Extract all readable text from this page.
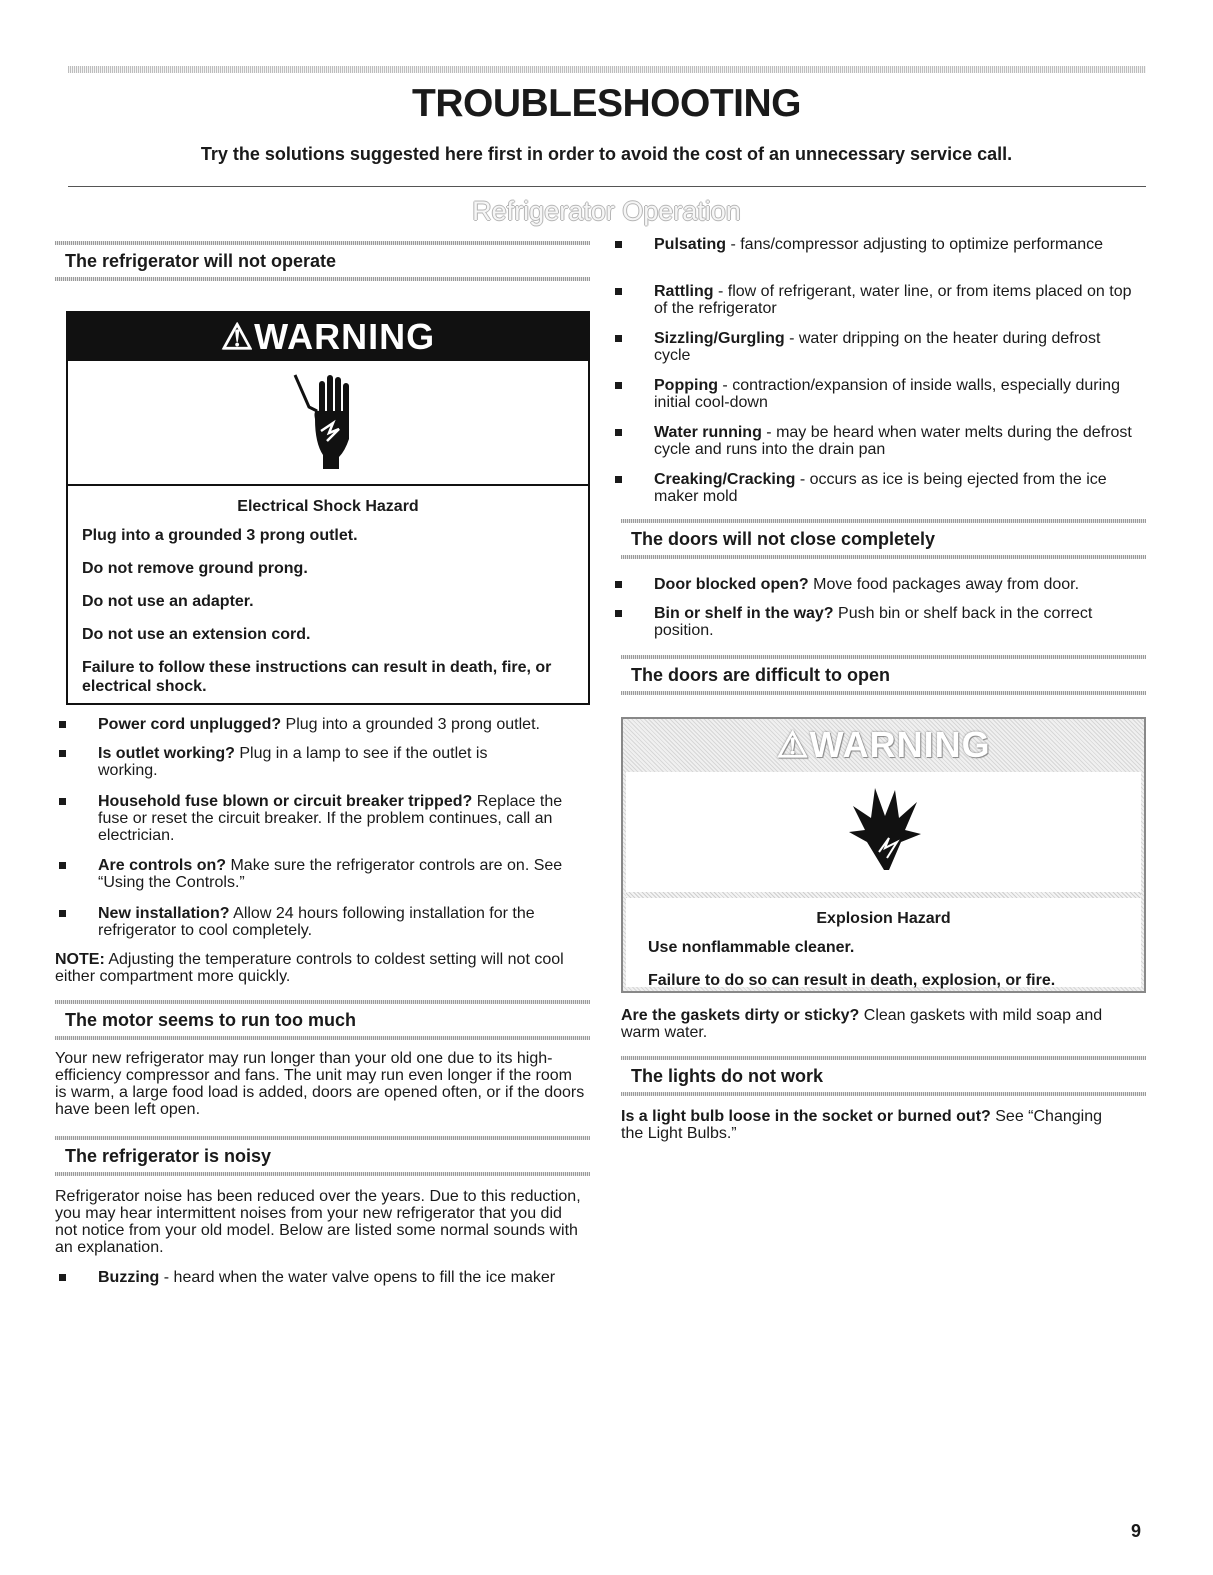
TROUBLESHOOTING

Try the solutions suggested here first in order to avoid the cost of an unnecessary service call.

Refrigerator Operation
The refrigerator will not operate
⚠WARNING
Electrical Shock Hazard
Plug into a grounded 3 prong outlet.
Do not remove ground prong.
Do not use an adapter.
Do not use an extension cord.
Failure to follow these instructions can result in death, fire, or electrical shock.

Power cord unplugged? Plug into a grounded 3 prong outlet.

Is outlet working? Plug in a lamp to see if the outlet is working.

Household fuse blown or circuit breaker tripped? Replace the fuse or reset the circuit breaker. If the problem continues, call an electrician.

Are controls on? Make sure the refrigerator controls are on. See “Using the Controls.”

New installation? Allow 24 hours following installation for the refrigerator to cool completely.

NOTE: Adjusting the temperature controls to coldest setting will not cool either compartment more quickly.

The motor seems to run too much

Your new refrigerator may run longer than your old one due to its high-efficiency compressor and fans. The unit may run even longer if the room is warm, a large food load is added, doors are opened often, or if the doors have been left open.

The refrigerator is noisy

Refrigerator noise has been reduced over the years. Due to this reduction, you may hear intermittent noises from your new refrigerator that you did not notice from your old model. Below are listed some normal sounds with an explanation.

Buzzing - heard when the water valve opens to fill the ice maker

Pulsating - fans/compressor adjusting to optimize performance

Rattling - flow of refrigerant, water line, or from items placed on top of the refrigerator

Sizzling/Gurgling - water dripping on the heater during defrost cycle

Popping - contraction/expansion of inside walls, especially during initial cool-down

Water running - may be heard when water melts during the defrost cycle and runs into the drain pan

Creaking/Cracking - occurs as ice is being ejected from the ice maker mold

The doors will not close completely

Door blocked open? Move food packages away from door.

Bin or shelf in the way? Push bin or shelf back in the correct position.

The doors are difficult to open
⚠WARNING
Explosion Hazard
Use nonflammable cleaner.
Failure to do so can result in death, explosion, or fire.

Are the gaskets dirty or sticky? Clean gaskets with mild soap and warm water.

The lights do not work

Is a light bulb loose in the socket or burned out? See “Changing the Light Bulbs.”

9
